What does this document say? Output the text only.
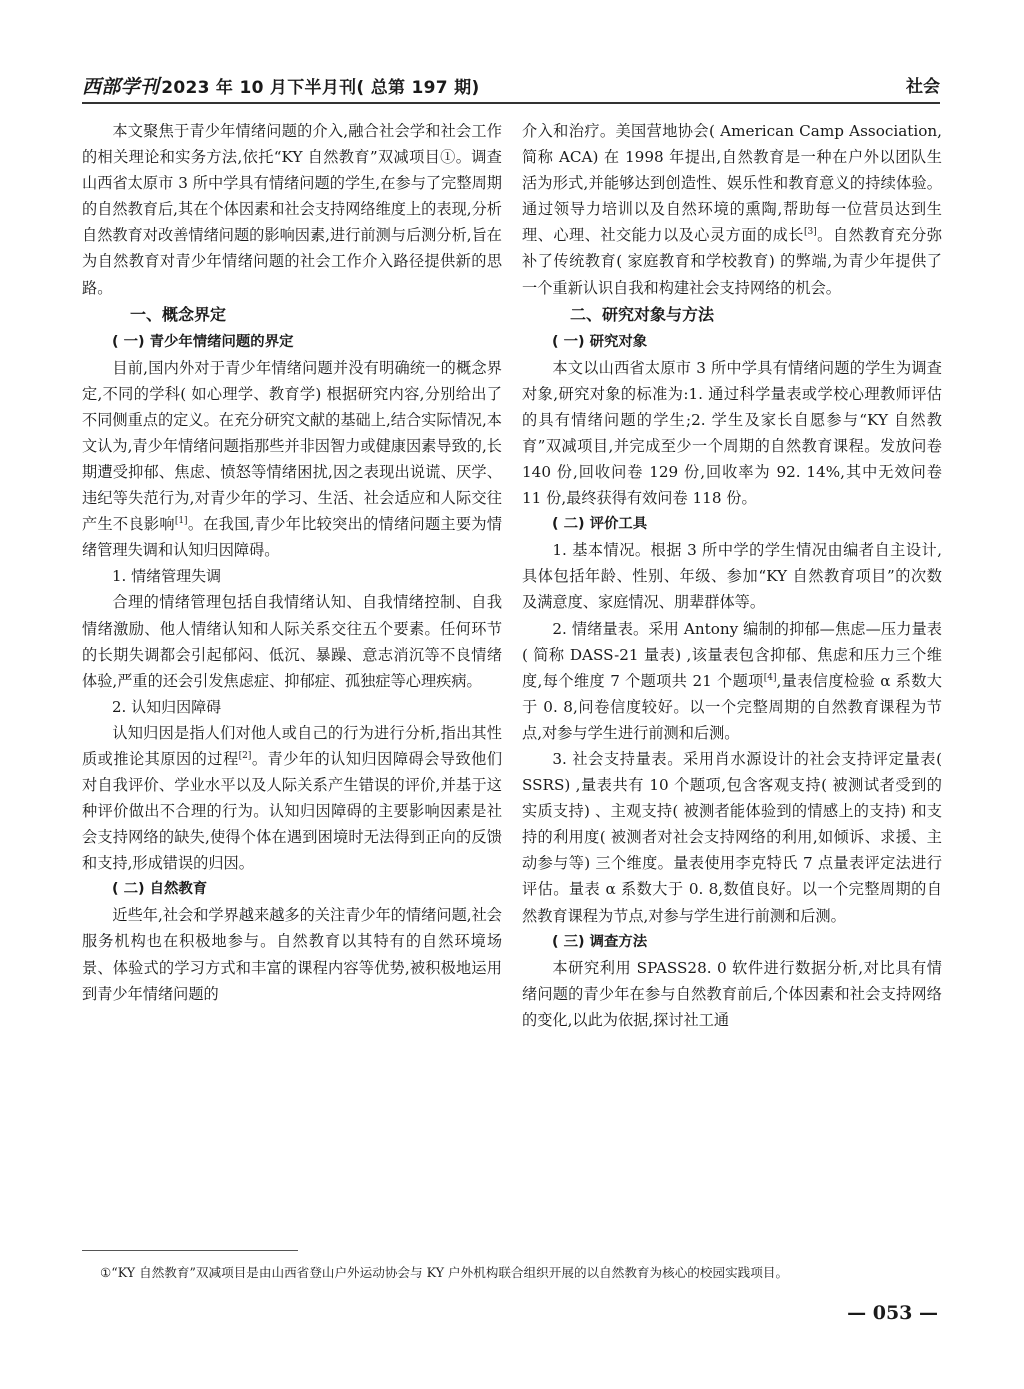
西部学刊 2023 年 10 月下半月刊( 总第 197 期)	社会
本文聚焦于青少年情绪问题的介入,融合社会学和社会工作的相关理论和实务方法,依托“KY 自然教育”双减项目①。调查山西省太原市 3 所中学具有情绪问题的学生,在参与了完整周期的自然教育后,其在个体因素和社会支持网络维度上的表现,分析自然教育对改善情绪问题的影响因素,进行前测与后测分析,旨在为自然教育对青少年情绪问题的社会工作介入路径提供新的思路。
一、概念界定
( 一) 青少年情绪问题的界定
目前,国内外对于青少年情绪问题并没有明确统一的概念界定,不同的学科( 如心理学、教育学) 根据研究内容,分别给出了不同侧重点的定义。在充分研究文献的基础上,结合实际情况,本文认为,青少年情绪问题指那些并非因智力或健康因素导致的,长期遭受抑郁、焦虑、愤怒等情绪困扰,因之表现出说谎、厌学、违纪等失范行为,对青少年的学习、生活、社会适应和人际交往产生不良影响[1]。在我国,青少年比较突出的情绪问题主要为情绪管理失调和认知归因障碍。
1. 情绪管理失调
合理的情绪管理包括自我情绪认知、自我情绪控制、自我情绪激励、他人情绪认知和人际关系交往五个要素。任何环节的长期失调都会引起郁闷、低沉、暴躁、意志消沉等不良情绪体验,严重的还会引发焦虑症、抑郁症、孤独症等心理疾病。
2. 认知归因障碍
认知归因是指人们对他人或自己的行为进行分析,指出其性质或推论其原因的过程[2]。青少年的认知归因障碍会导致他们对自我评价、学业水平以及人际关系产生错误的评价,并基于这种评价做出不合理的行为。认知归因障碍的主要影响因素是社会支持网络的缺失,使得个体在遇到困境时无法得到正向的反馈和支持,形成错误的归因。
( 二) 自然教育
近些年,社会和学界越来越多的关注青少年的情绪问题,社会服务机构也在积极地参与。自然教育以其特有的自然环境场景、体验式的学习方式和丰富的课程内容等优势,被积极地运用到青少年情绪问题的
介入和治疗。美国营地协会( American Camp Association,简称 ACA) 在 1998 年提出,自然教育是一种在户外以团队生活为形式,并能够达到创造性、娱乐性和教育意义的持续体验。通过领导力培训以及自然环境的熏陶,帮助每一位营员达到生理、心理、社交能力以及心灵方面的成长[3]。自然教育充分弥补了传统教育( 家庭教育和学校教育) 的弊端,为青少年提供了一个重新认识自我和构建社会支持网络的机会。
二、研究对象与方法
( 一) 研究对象
本文以山西省太原市 3 所中学具有情绪问题的学生为调查对象,研究对象的标准为:1. 通过科学量表或学校心理教师评估的具有情绪问题的学生;2. 学生及家长自愿参与“KY 自然教育”双减项目,并完成至少一个周期的自然教育课程。发放问卷 140 份,回收问卷 129 份,回收率为 92. 14%,其中无效问卷 11 份,最终获得有效问卷 118 份。
( 二) 评价工具
1. 基本情况。根据 3 所中学的学生情况由编者自主设计,具体包括年龄、性别、年级、参加“KY 自然教育项目”的次数及满意度、家庭情况、朋辈群体等。
2. 情绪量表。采用 Antony 编制的抑郁—焦虑—压力量表( 简称 DASS-21 量表) ,该量表包含抑郁、焦虑和压力三个维度,每个维度 7 个题项共 21 个题项[4],量表信度检验 α 系数大于 0. 8,问卷信度较好。以一个完整周期的自然教育课程为节点,对参与学生进行前测和后测。
3. 社会支持量表。采用肖水源设计的社会支持评定量表( SSRS) ,量表共有 10 个题项,包含客观支持( 被测试者受到的实质支持) 、主观支持( 被测者能体验到的情感上的支持) 和支持的利用度( 被测者对社会支持网络的利用,如倾诉、求援、主动参与等) 三个维度。量表使用李克特氏 7 点量表评定法进行评估。量表 α 系数大于 0. 8,数值良好。以一个完整周期的自然教育课程为节点,对参与学生进行前测和后测。
( 三) 调查方法
本研究利用 SPASS28. 0 软件进行数据分析,对比具有情绪问题的青少年在参与自然教育前后,个体因素和社会支持网络的变化,以此为依据,探讨社工通
①“KY 自然教育”双减项目是由山西省登山户外运动协会与 KY 户外机构联合组织开展的以自然教育为核心的校园实践项目。
— 053 —
